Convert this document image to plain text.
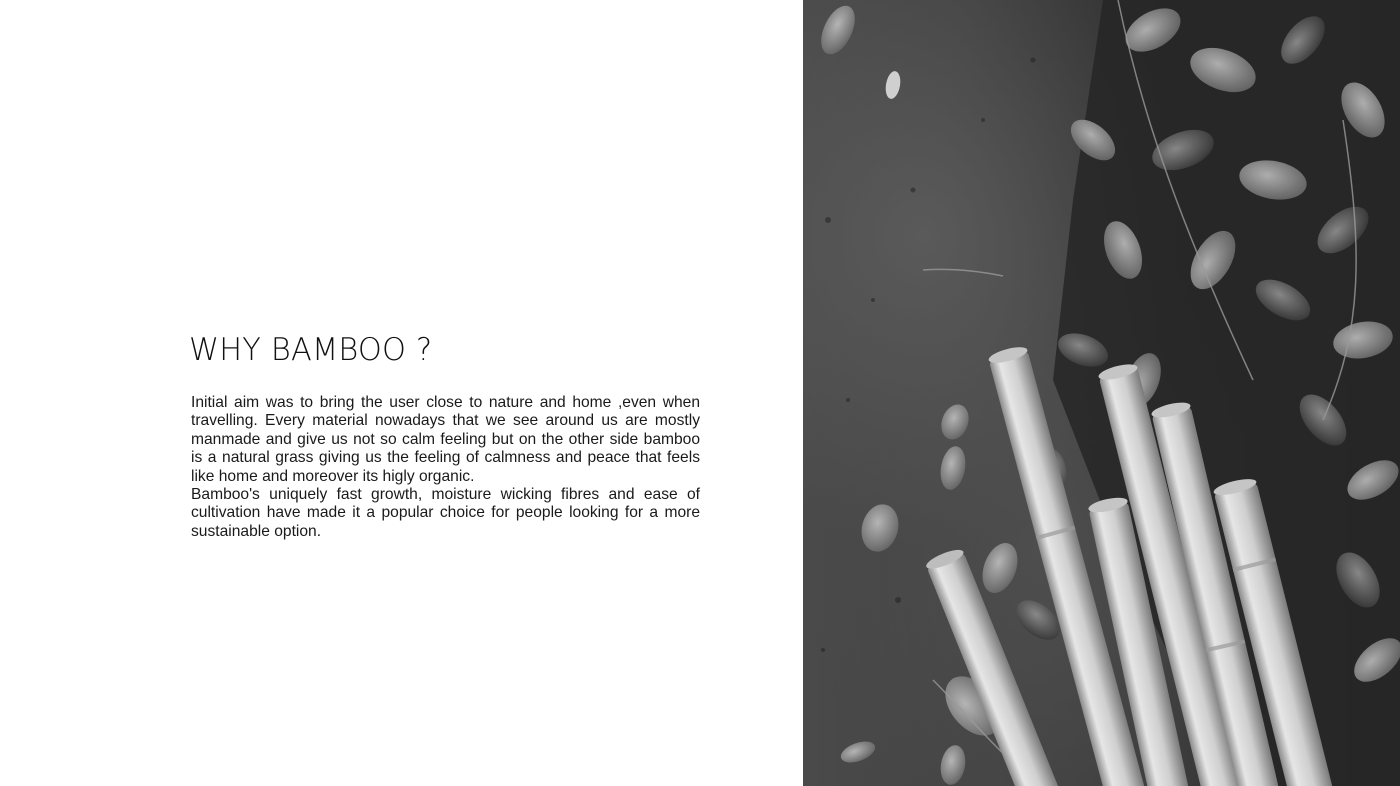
WHY BAMBOO ?

Initial aim was to bring the user close to nature and home ,even when travelling. Every material nowadays that we see around us are mostly manmade and give us not so calm feeling but on the other side bamboo is a natural grass giving us the feeling of calmness and peace that feels like home and moreover its higly organic.

Bamboo's uniquely fast growth, moisture wicking fibres and ease of cultivation have made it a popular choice for people looking for a more sustainable option.
